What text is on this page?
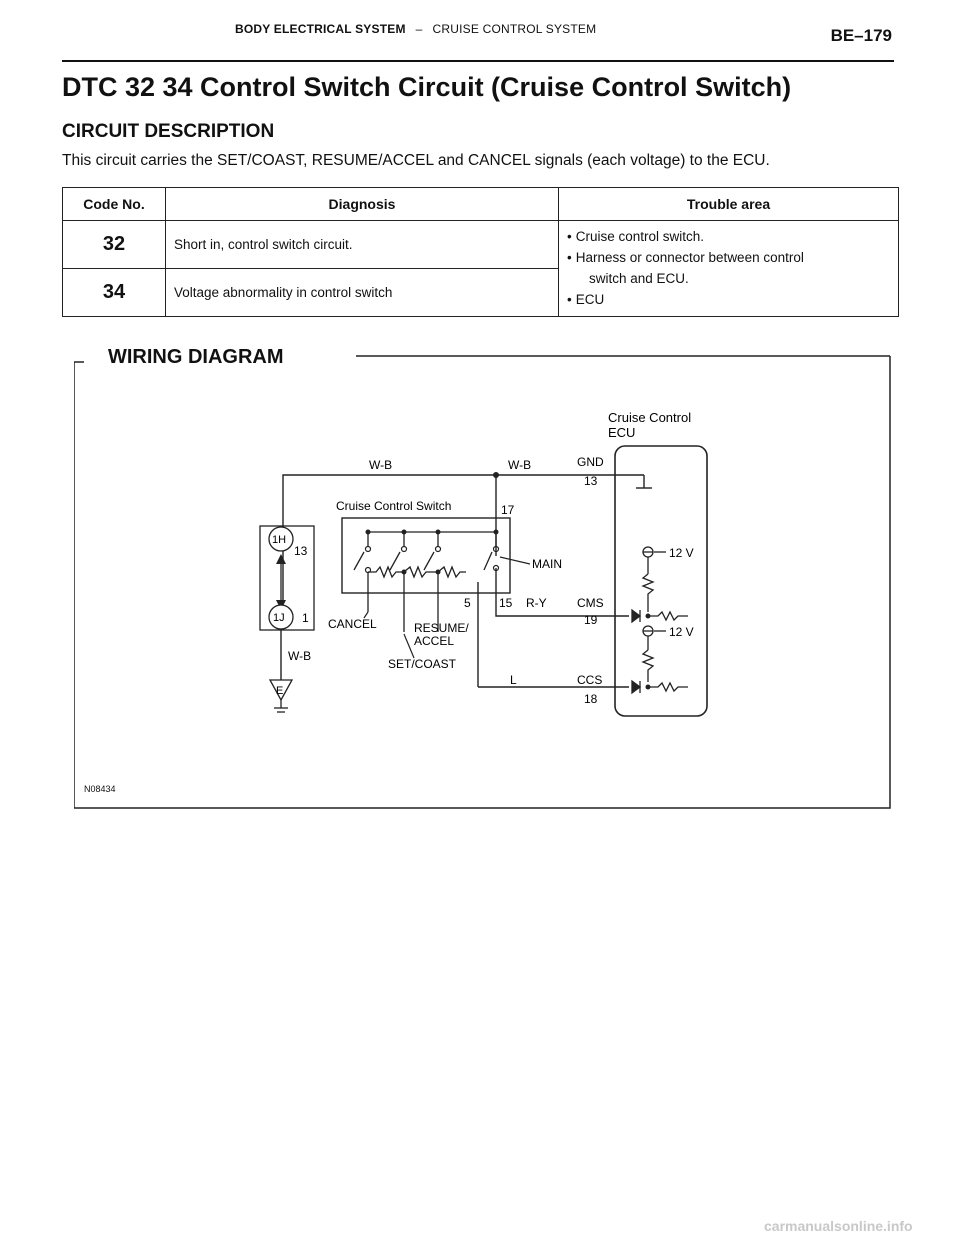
BE–179
BODY ELECTRICAL SYSTEM – CRUISE CONTROL SYSTEM
DTC 32 34 Control Switch Circuit (Cruise Control Switch)
CIRCUIT DESCRIPTION

This circuit carries the SET/COAST, RESUME/ACCEL and CANCEL signals (each voltage) to the ECU.

Code No.	Diagnosis	Trouble area
32	Short in, control switch circuit.	• Cruise control switch.
• Harness or connector between control
switch and ECU.
• ECU

34	Voltage abnormality in control switch	
Cruise Control
ECU
W-B	W-B	GND
13
Cruise Control Switch	17
MAIN
CANCEL	RESUME/
ACCEL
SET/COAST
5 15 R-Y	CMS
19
L	CCS
18
12 V
12 V
1H
13
1J 1
W-B
E
WIRING DIAGRAM
N08434
carmanualsonline.info
